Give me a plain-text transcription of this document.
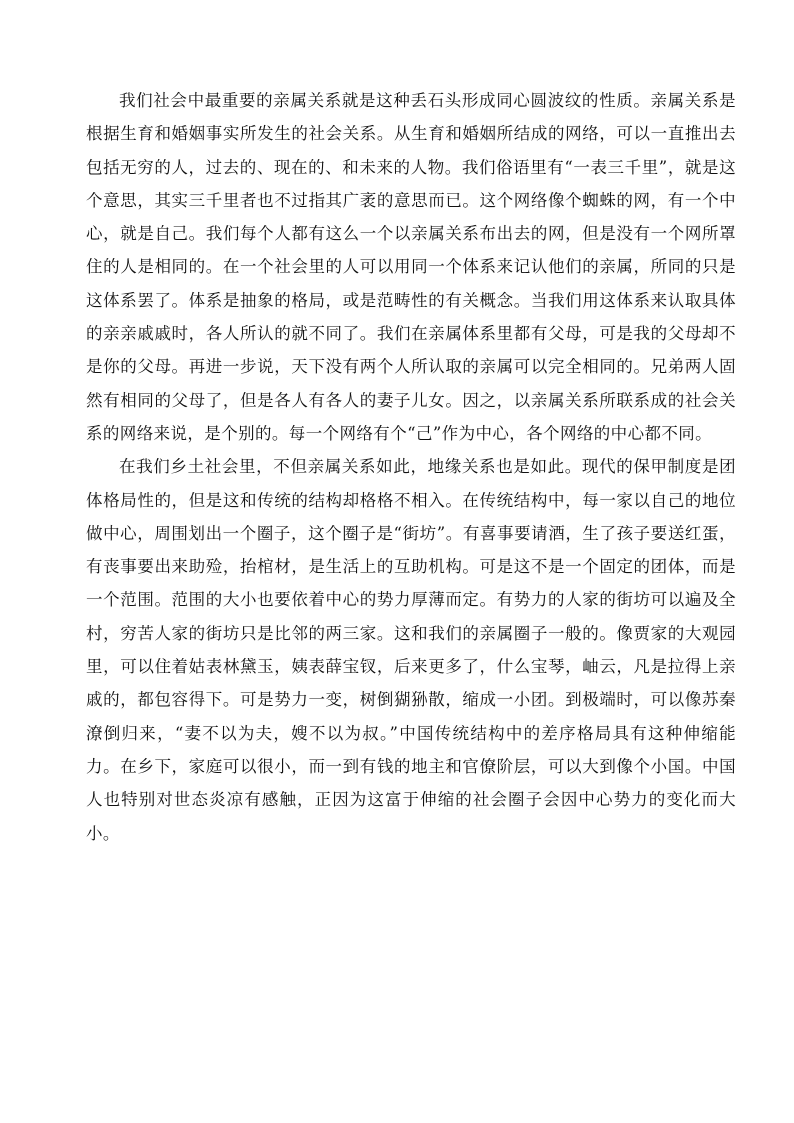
我们社会中最重要的亲属关系就是这种丢石头形成同心圆波纹的性质。亲属关系是根据生育和婚姻事实所发生的社会关系。从生育和婚姻所结成的网络，可以一直推出去包括无穷的人，过去的、现在的、和未来的人物。我们俗语里有“一表三千里”，就是这个意思，其实三千里者也不过指其广袤的意思而已。这个网络像个蜘蛛的网，有一个中心，就是自己。我们每个人都有这么一个以亲属关系布出去的网，但是没有一个网所罩住的人是相同的。在一个社会里的人可以用同一个体系来记认他们的亲属，所同的只是这体系罢了。体系是抽象的格局，或是范畴性的有关概念。当我们用这体系来认取具体的亲亲戚戚时，各人所认的就不同了。我们在亲属体系里都有父母，可是我的父母却不是你的父母。再进一步说，天下没有两个人所认取的亲属可以完全相同的。兄弟两人固然有相同的父母了，但是各人有各人的妻子儿女。因之，以亲属关系所联系成的社会关系的网络来说，是个别的。每一个网络有个“己”作为中心，各个网络的中心都不同。

在我们乡土社会里，不但亲属关系如此，地缘关系也是如此。现代的保甲制度是团体格局性的，但是这和传统的结构却格格不相入。在传统结构中，每一家以自己的地位做中心，周围划出一个圈子，这个圈子是“街坊”。有喜事要请酒，生了孩子要送红蛋，有丧事要出来助殓，抬棺材，是生活上的互助机构。可是这不是一个固定的团体，而是一个范围。范围的大小也要依着中心的势力厚薄而定。有势力的人家的街坊可以遍及全村，穷苦人家的街坊只是比邻的两三家。这和我们的亲属圈子一般的。像贾家的大观园里，可以住着姑表林黛玉，姨表薛宝钗，后来更多了，什么宝琴，岫云，凡是拉得上亲戚的，都包容得下。可是势力一变，树倒猢狲散，缩成一小团。到极端时，可以像苏秦潦倒归来，“妻不以为夫，嫂不以为叔。”中国传统结构中的差序格局具有这种伸缩能力。在乡下，家庭可以很小，而一到有钱的地主和官僚阶层，可以大到像个小国。中国人也特别对世态炎凉有感触，正因为这富于伸缩的社会圈子会因中心势力的变化而大小。
